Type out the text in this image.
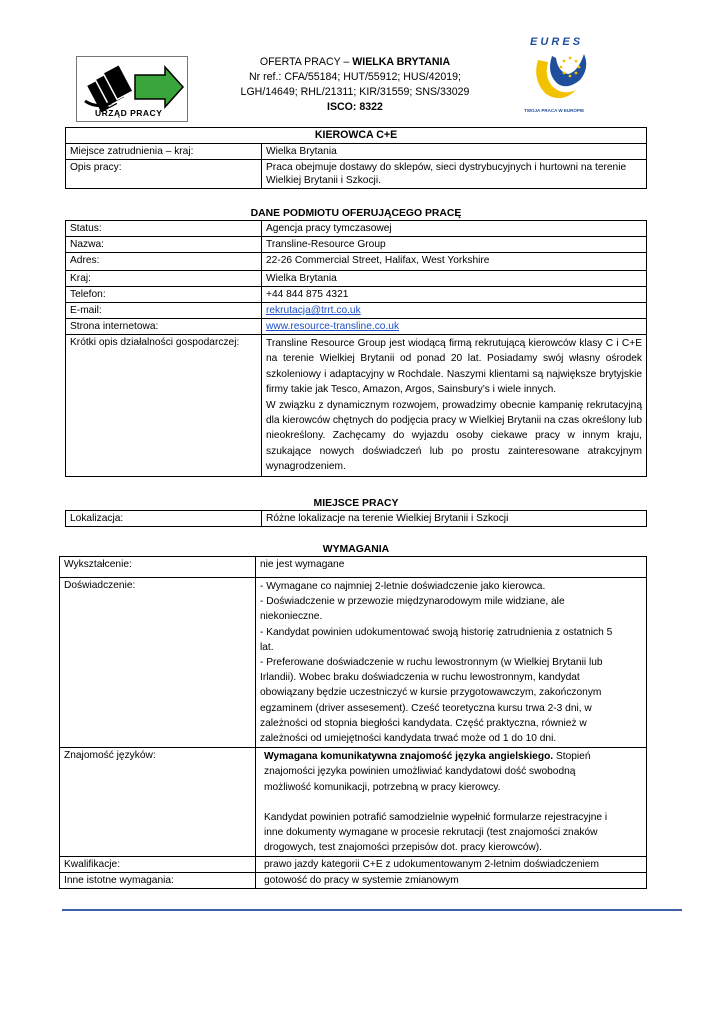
URZĄD PRACY
OFERTA PRACY – WIELKA BRYTANIA
Nr ref.: CFA/55184; HUT/55912; HUS/42019;
LGH/14649; RHL/21311; KIR/31559; SNS/33029
ISCO: 8322
E U R E S
TWOJA PRACA W EUROPIE
KIEROWCA C+E	
Miejsce zatrudnienia – kraj:	Wielka Brytania
Opis pracy:	Praca obejmuje dostawy do sklepów, sieci dystrybucyjnych i hurtowni na terenie Wielkiej Brytanii i Szkocji.
DANE PODMIOTU OFERUJĄCEGO PRACĘ
Status:	Agencja pracy tymczasowej
Nazwa:	Transline-Resource Group
Adres:	22-26 Commercial Street, Halifax, West Yorkshire
Kraj:	Wielka Brytania
Telefon:	+44 844 875 4321
E-mail:	rekrutacja@trrt.co.uk
Strona internetowa:	www.resource-transline.co.uk
Krótki opis działalności gospodarczej:	Transline Resource Group jest wiodącą firmą rekrutującą kierowców klasy C i C+E na terenie Wielkiej Brytanii od ponad 20 lat. Posiadamy swój własny ośrodek szkoleniowy i adaptacyjny w Rochdale. Naszymi klientami są największe brytyjskie firmy takie jak Tesco, Amazon, Argos, Sainsbury’s i wiele innych.
W związku z dynamicznym rozwojem, prowadzimy obecnie kampanię rekrutacyjną dla kierowców chętnych do podjęcia pracy w Wielkiej Brytanii na czas określony lub nieokreślony. Zachęcamy do wyjazdu osoby ciekawe pracy w innym kraju, szukające nowych doświadczeń lub po prostu zainteresowane atrakcyjnym wynagrodzeniem.
MIEJSCE PRACY
Lokalizacja:	Różne lokalizacje na terenie Wielkiej Brytanii i Szkocji
WYMAGANIA
Wykształcenie:	nie jest wymagane
Doświadczenie:	- Wymagane co najmniej 2-letnie doświadczenie jako kierowca.
- Doświadczenie w przewozie międzynarodowym mile widziane, ale niekonieczne.
- Kandydat powinien udokumentować swoją historię zatrudnienia z ostatnich 5 lat.
- Preferowane doświadczenie w ruchu lewostronnym (w Wielkiej Brytanii lub Irlandii). Wobec braku doświadczenia w ruchu lewostronnym, kandydat obowiązany będzie uczestniczyć w kursie przygotowawczym, zakończonym egzaminem (driver assesement). Cześć teoretyczna kursu trwa 2-3 dni, w zależności od stopnia biegłości kandydata. Część praktyczna, również w zależności od umiejętności kandydata trwać może od 1 do 10 dni.

Znajomość języków:	Wymagana komunikatywna znajomość języka angielskiego. Stopień znajomości języka powinien umożliwiać kandydatowi dość swobodną możliwość komunikacji, potrzebną w pracy kierowcy.
Kandydat powinien potrafić samodzielnie wypełnić formularze rejestracyjne i inne dokumenty wymagane w procesie rekrutacji (test znajomości znaków drogowych, test znajomości przepisów dot. pracy kierowców).

Kwalifikacje:	prawo jazdy kategorii C+E z udokumentowanym 2-letnim doświadczeniem
Inne istotne wymagania:	gotowość do pracy w systemie zmianowym
